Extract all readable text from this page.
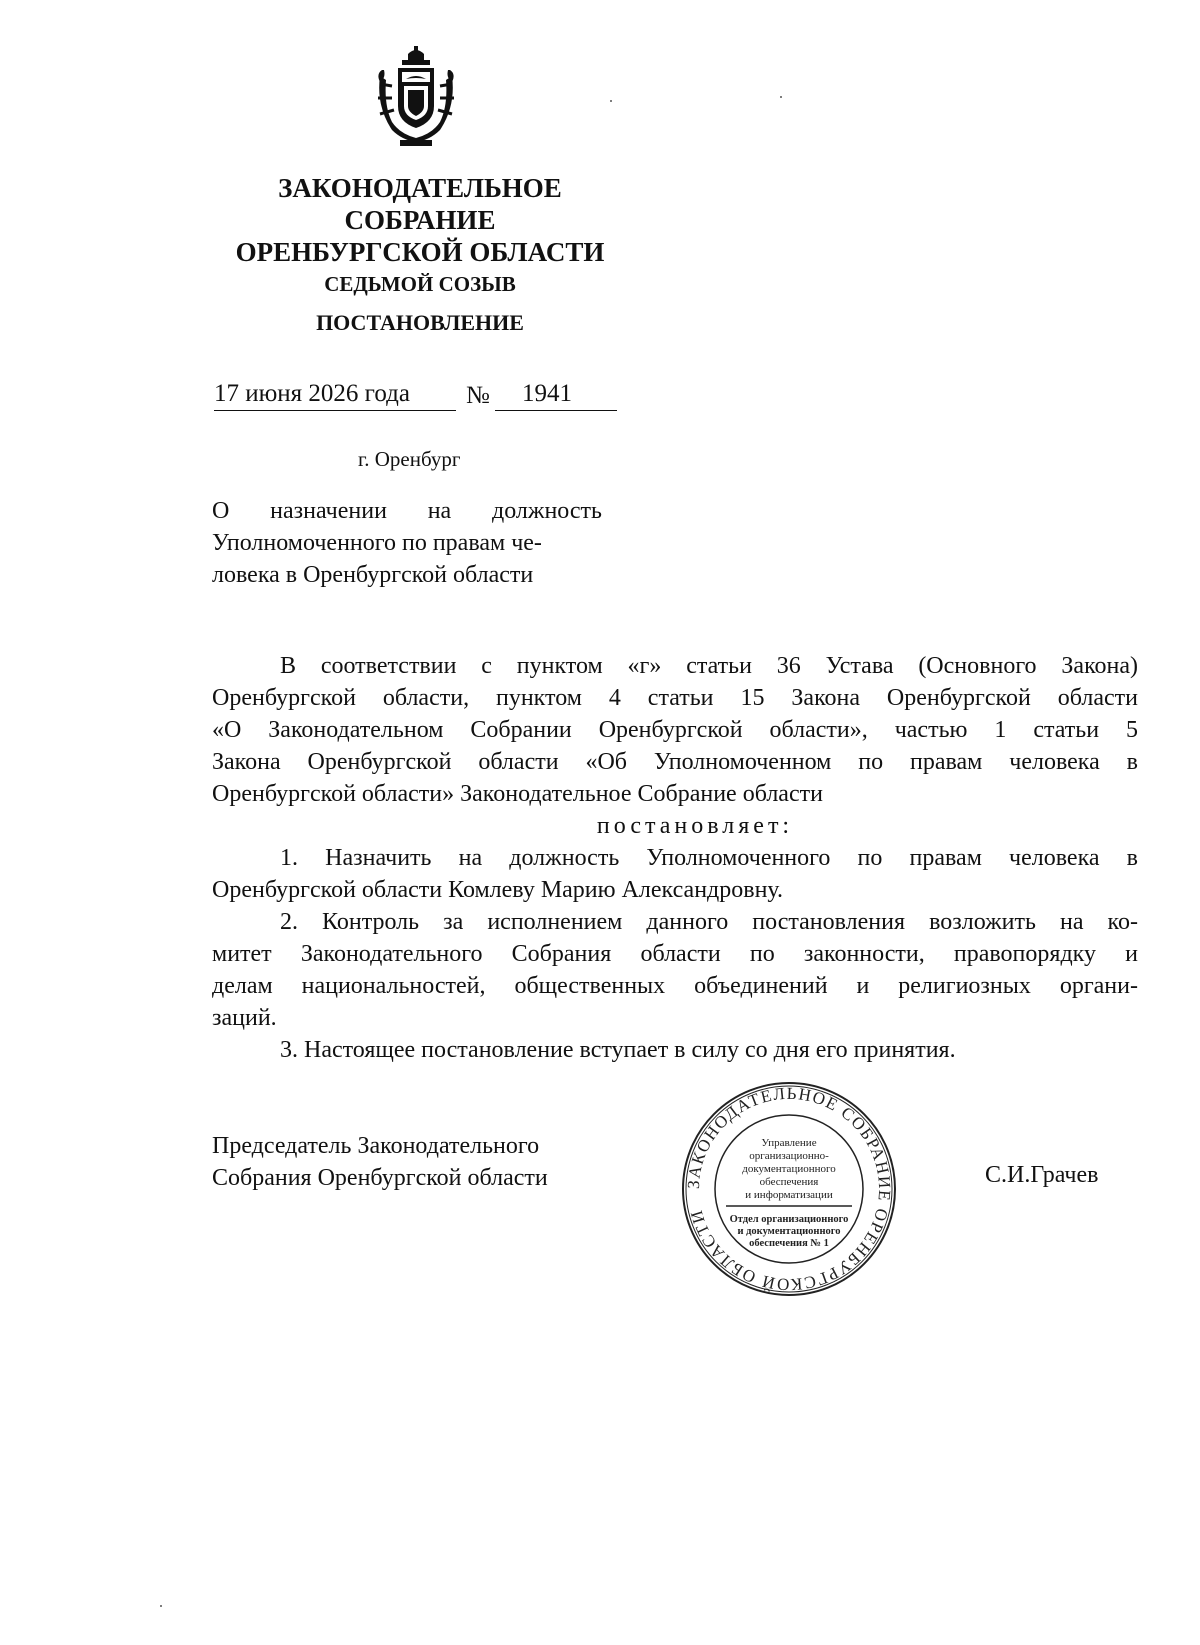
ЗАКОНОДАТЕЛЬНОЕ
СОБРАНИЕ
ОРЕНБУРГСКОЙ ОБЛАСТИ
СЕДЬМОЙ СОЗЫВ
ПОСТАНОВЛЕНИЕ
17 июня 2026 года № 1941
г. Оренбург
О назначении на должность
Уполномоченного по правам че-
ловека в Оренбургской области
В соответствии с пунктом «г» статьи 36 Устава (Основного Закона)
Оренбургской области, пунктом 4 статьи 15 Закона Оренбургской области
«О Законодательном Собрании Оренбургской области», частью 1 статьи 5
Закона Оренбургской области «Об Уполномоченном по правам человека в
Оренбургской области» Законодательное Собрание области

постановляет:

1. Назначить на должность Уполномоченного по правам человека в
Оренбургской области Комлеву Марию Александровну.
2. Контроль за исполнением данного постановления возложить на ко-
митет Законодательного Собрания области по законности, правопорядку и
делам национальностей, общественных объединений и религиозных органи-
заций.
3. Настоящее постановление вступает в силу со дня его принятия.
Председатель Законодательного
Собрания Оренбургской области	С.И.Грачев
ЗАКОНОДАТЕЛЬНОЕ СОБРАНИЕ ОРЕНБУРГСКОЙ ОБЛАСТИ
Управление
организационно-
документационного
обеспечения
и информатизации
Отдел организационного
и документационного
обеспечения № 1
